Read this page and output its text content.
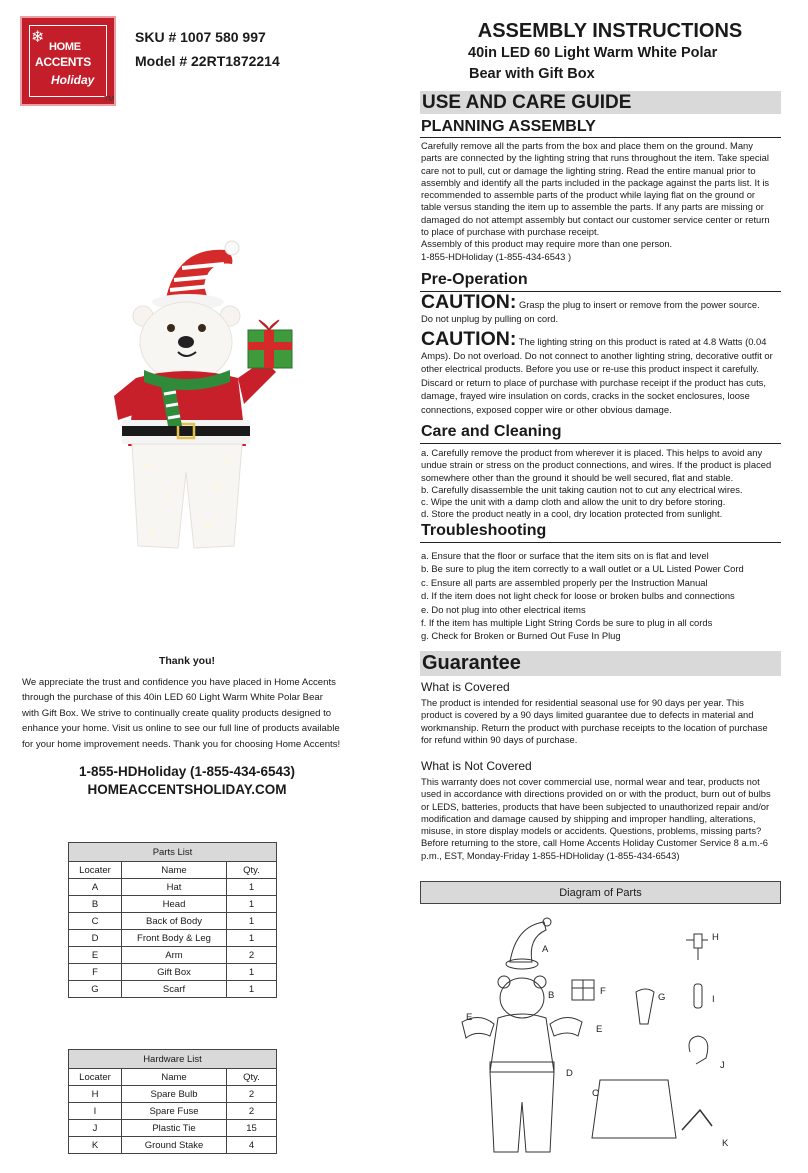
❄
HOME
ACCENTS
Holiday
TM
SKU # 1007 580 997
Model # 22RT1872214
ASSEMBLY INSTRUCTIONS
40in LED 60 Light Warm White Polar
Bear with Gift Box
USE AND CARE GUIDE
PLANNING ASSEMBLY
Carefully remove all the parts from the box and place them on the ground. Many
parts are connected by the lighting string that runs throughout the item. Take special
care not to pull, cut or damage the lighting string. Read the entire manual prior to
assembly and identify all the parts included in the package against the parts list. It is
recommended to assemble parts of the product while laying flat on the ground or
table versus standing the item up to assemble the parts. If any parts are missing or
damaged do not attempt assembly but contact our customer service center or return
to place of purchase with purchase receipt.
Assembly of this product may require more than one person.
1-855-HDHoliday (1-855-434-6543 )
Pre-Operation
CAUTION: Grasp the plug to insert or remove from the power source.
Do not unplug by pulling on cord.
CAUTION: The lighting string on this product is rated at 4.8 Watts (0.04
Amps). Do not overload. Do not connect to another lighting string, decorative outfit or
other electrical products. Before you use or re-use this product inspect it carefully.
Discard or return to place of purchase with purchase receipt if the product has cuts,
damage, frayed wire insulation on cords, cracks in the socket enclosures, loose
connections, exposed copper wire or other obvious damage.
Care and Cleaning
a. Carefully remove the product from wherever it is placed. This helps to avoid any
undue strain or stress on the product connections, and wires. If the product is placed
somewhere other than the ground it should be well secured, flat and stable.
b. Carefully disassemble the unit taking caution not to cut any electrical wires.
c. Wipe the unit with a damp cloth and allow the unit to dry before storing.
d. Store the product neatly in a cool, dry location protected from sunlight.
Troubleshooting
a. Ensure that the floor or surface that the item sits on is flat and level
b. Be sure to plug the item correctly to a wall outlet or a UL Listed Power Cord
c. Ensure all parts are assembled properly per the Instruction Manual
d. If the item does not light check for loose or broken bulbs and connections
e. Do not plug into other electrical items
f. If the item has multiple Light String Cords be sure to plug in all cords
g. Check for Broken or Burned Out Fuse In Plug
Guarantee
What is Covered
The product is intended for residential seasonal use for 90 days per year. This
product is covered by a 90 days limited guarantee due to defects in material and
workmanship. Return the product with purchase receipts to the location of purchase
for refund within 90 days of purchase.
What is Not Covered
This warranty does not cover commercial use, normal wear and tear, products not
used in accordance with directions provided on or with the product, burn out of bulbs
or LEDS, batteries, products that have been subjected to unauthorized repair and/or
modification and damage caused by shipping and improper handling, alterations,
misuse, in store display models or accidents. Questions, problems, missing parts?
Before returning to the store, call Home Accents Holiday Customer Service 8 a.m.-6
p.m., EST, Monday-Friday 1-855-HDHoliday (1-855-434-6543)
Thank you!
We appreciate the trust and confidence you have placed in Home Accents
through the purchase of this 40in LED 60 Light Warm White Polar Bear
with Gift Box. We strive to continually create quality products designed to
enhance your home. Visit us online to see our full line of products available
for your home improvement needs. Thank you for choosing Home Accents!
1-855-HDHoliday (1-855-434-6543)
HOMEACCENTSHOLIDAY.COM
Parts List		
Locater	Name	Qty.
A	Hat	1
B	Head	1
C	Back of Body	1
D	Front Body & Leg	1
E	Arm	2
F	Gift Box	1
G	Scarf	1
Hardware List		
Locater	Name	Qty.
H	Spare Bulb	2
I	Spare Fuse	2
J	Plastic Tie	15
K	Ground Stake	4
Diagram of Parts
A
B
C
D
E
E
F
G
H
I
J
K
